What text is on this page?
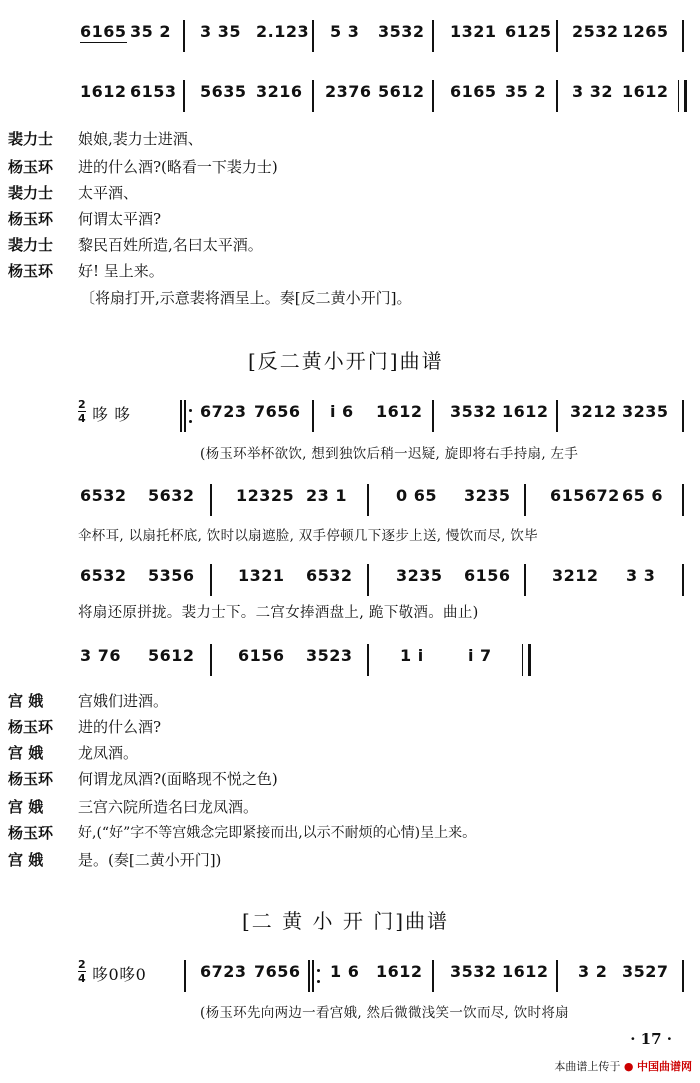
6165 35 2 3 35 2.123 5 3 3532 1321 6125 2532 1265
1612 6153 5635 3216 2376 5612 6165 35 2 3 32 1612
裴力士 娘娘,裴力士进酒、
杨玉环 进的什么酒?(略看一下裴力士)
裴力士 太平酒、
杨玉环 何谓太平酒?
裴力士 黎民百姓所造,名曰太平酒。
杨玉环 好! 呈上来。
〔将扇打开,示意裴将酒呈上。奏[反二黄小开门]。
[反二黄小开门]曲谱
2
4 哆 哆	6723 7656 i 6 1612 3532 1612 3212 3235
(杨玉环举杯欲饮, 想到独饮后稍一迟疑, 旋即将右手持扇, 左手
6532 5632	12325 23 1	0 65 3235 615672 65 6
伞杯耳, 以扇托杯底, 饮时以扇遮脸, 双手停顿几下逐步上送, 慢饮而尽, 饮毕
6532 5356	1321 6532	3235 6156	3212 3 3
将扇还原拼拢。裴力士下。二宫女捧酒盘上, 跪下敬酒。曲止)
3 76 5612	6156 3523	1 i	i 7
宫 娥 宫娥们进酒。
杨玉环 进的什么酒?
宫 娥 龙凤酒。
杨玉环 何谓龙凤酒?(面略现不悦之色)
宫 娥 三宫六院所造名曰龙凤酒。
杨玉环 好,(“好”字不等宫娥念完即紧接而出,以示不耐烦的心情)呈上来。
宫 娥 是。(奏[二黄小开门])
[二 黄 小 开 门]曲谱
2
4 哆0哆0	6723 7656 1 6 1612 3532 1612 3 2 3527
(杨玉环先向两边一看宫娥, 然后微微浅笑一饮而尽, 饮时将扇
· 17 ·
本曲谱上传于 ● 中国曲谱网
